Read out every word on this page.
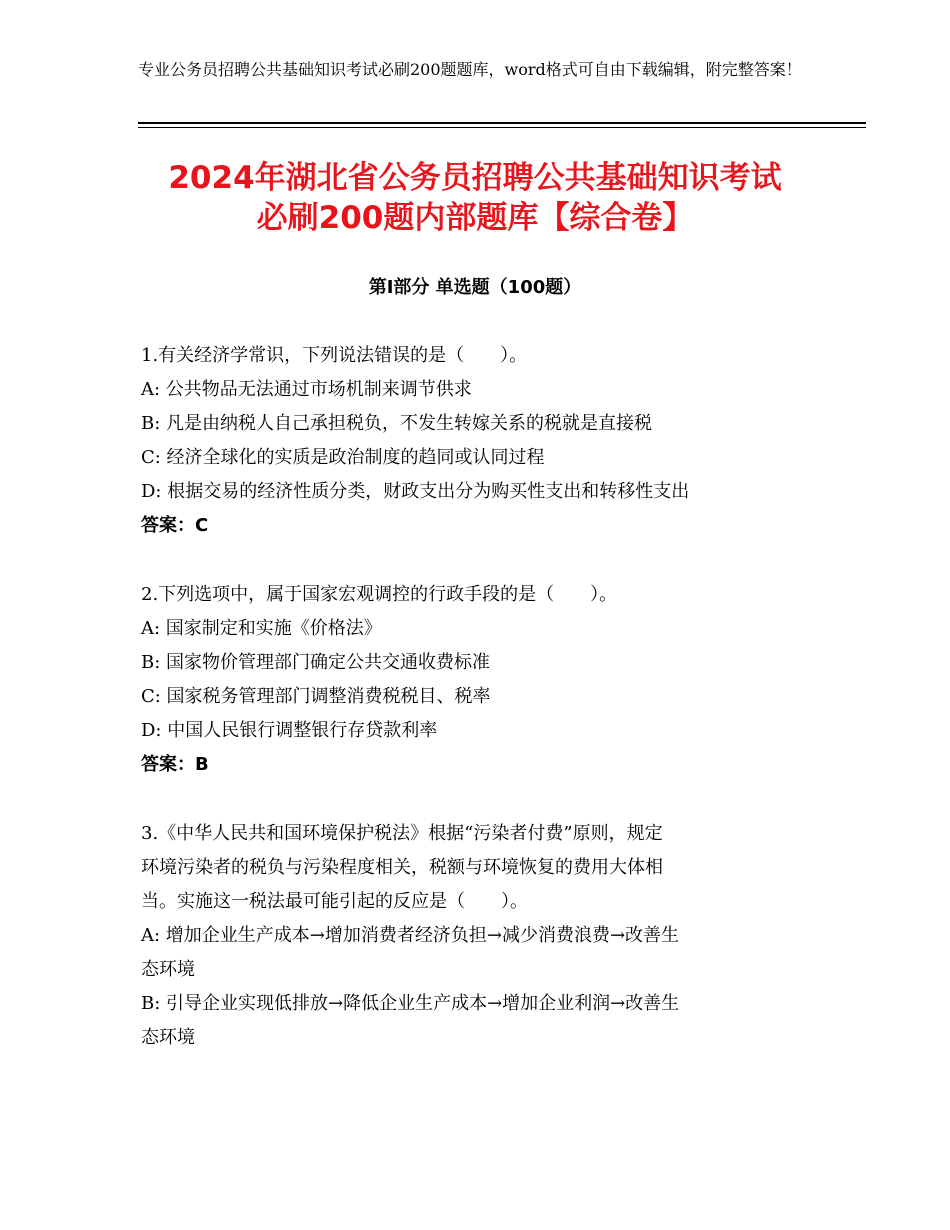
专业公务员招聘公共基础知识考试必刷200题题库，word格式可自由下载编辑，附完整答案！
2024年湖北省公务员招聘公共基础知识考试
必刷200题内部题库【综合卷】
第Ⅰ部分 单选题（100题）
1.有关经济学常识，下列说法错误的是（　　）。
A: 公共物品无法通过市场机制来调节供求
B: 凡是由纳税人自己承担税负，不发生转嫁关系的税就是直接税
C: 经济全球化的实质是政治制度的趋同或认同过程
D: 根据交易的经济性质分类，财政支出分为购买性支出和转移性支出
答案：C
2.下列选项中，属于国家宏观调控的行政手段的是（　　）。
A: 国家制定和实施《价格法》
B: 国家物价管理部门确定公共交通收费标准
C: 国家税务管理部门调整消费税税目、税率
D: 中国人民银行调整银行存贷款利率
答案：B
3.《中华人民共和国环境保护税法》根据“污染者付费”原则，规定
环境污染者的税负与污染程度相关，税额与环境恢复的费用大体相
当。实施这一税法最可能引起的反应是（　　）。
A: 增加企业生产成本→增加消费者经济负担→减少消费浪费→改善生
态环境
B: 引导企业实现低排放→降低企业生产成本→增加企业利润→改善生
态环境
